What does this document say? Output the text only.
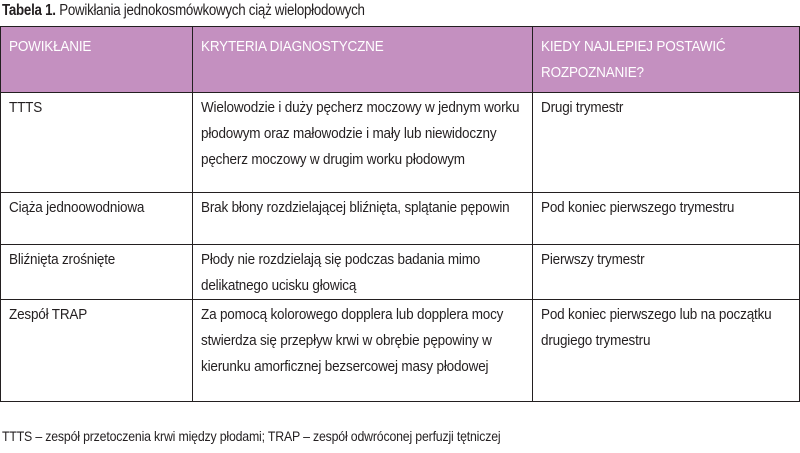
Tabela 1. Powikłania jednokosmówkowych ciąż wielopłodowych
POWIKŁANIE	KRYTERIA DIAGNOSTYCZNE	KIEDY NAJLEPIEJ POSTAWIĆ ROZPOZNANIE?

TTTS	Wielowodzie i duży pęcherz moczowy w jednym worku płodowym oraz małowodzie i mały lub niewidoczny pęcherz moczowy w drugim worku płodowym	Drugi trymestr

Ciąża jednoowodniowa	Brak błony rozdzielającej bliźnięta, splątanie pępowin	Pod koniec pierwszego trymestru

Bliźnięta zrośnięte	Płody nie rozdzielają się podczas badania mimo delikatnego ucisku głowicą	Pierwszy trymestr

Zespół TRAP	Za pomocą kolorowego dopplera lub dopplera mocy stwierdza się przepływ krwi w obrębie pępowiny w kierunku amorficznej bezsercowej masy płodowej	Pod koniec pierwszego lub na początku drugiego trymestru
TTTS – zespół przetoczenia krwi między płodami; TRAP – zespół odwróconej perfuzji tętniczej
